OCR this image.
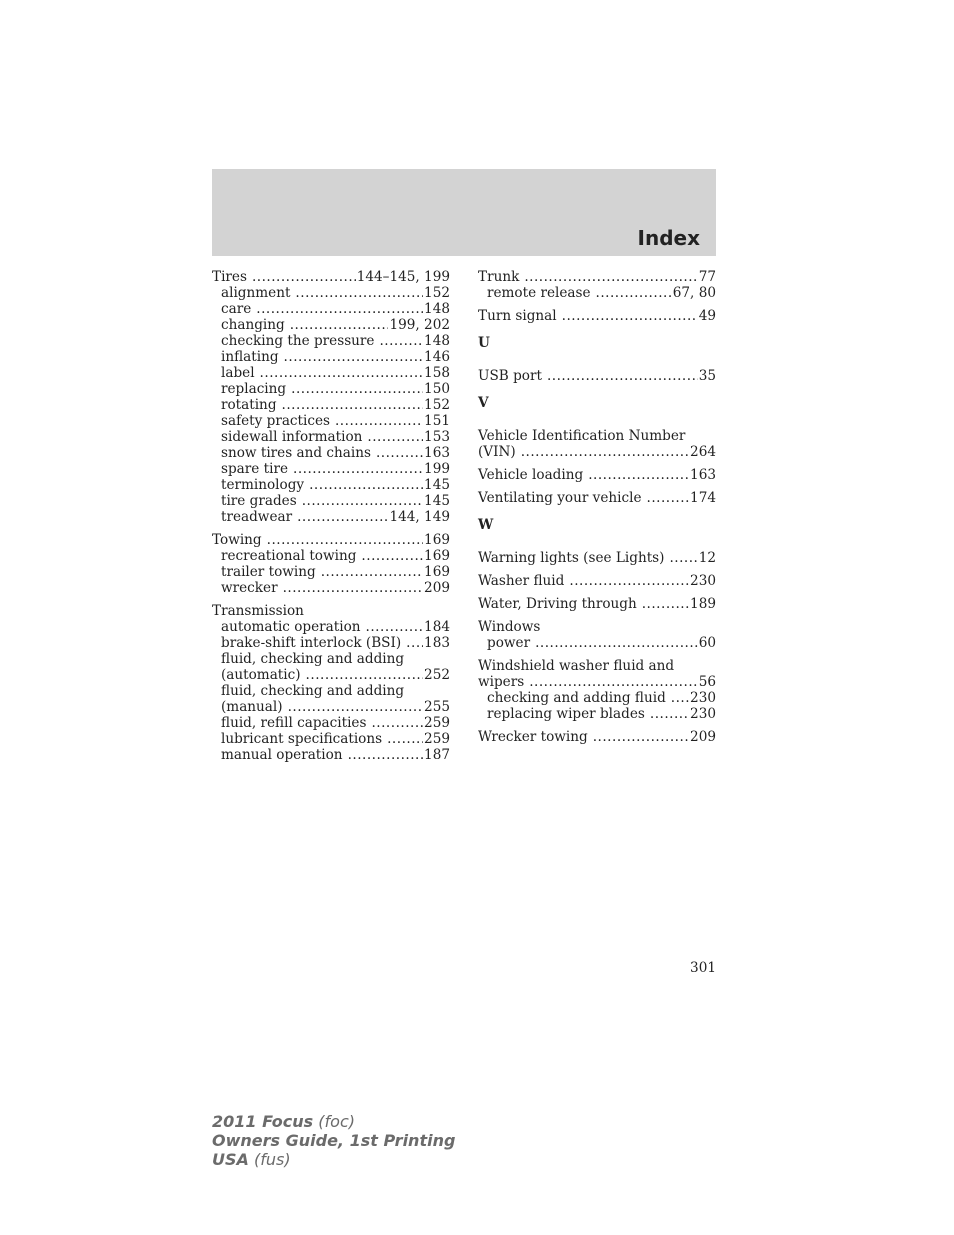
Index
Tires .....	144–145, 199
alignment .....	152
care .....	148
changing .....	199, 202
checking the pressure .....	148
inflating .....	146
label .....	158
replacing .....	150
rotating .....	152
safety practices .....	151
sidewall information .....	153
snow tires and chains .....	163
spare tire .....	199
terminology .....	145
tire grades .....	145
treadwear .....	144, 149
Towing .....	169
recreational towing .....	169
trailer towing .....	169
wrecker .....	209
Transmission
automatic operation .....	184
brake-shift interlock (BSI) ..... 183
fluid, checking and adding
(automatic) .....	252
fluid, checking and adding
(manual) .....	255
fluid, refill capacities .....	259
lubricant specifications .....	259
manual operation .....	187
Trunk .....	77
remote release .....	67, 80
Turn signal .....	49
U
USB port .....	35
V
Vehicle Identification Number
(VIN) .....	264
Vehicle loading .....	163
Ventilating your vehicle .....	174
W
Warning lights (see Lights) .....	12
Washer fluid .....	230
Water, Driving through .....	189
Windows
power .....	60
Windshield washer fluid and
wipers .....	56
checking and adding fluid ..... 230
replacing wiper blades .....	230
Wrecker towing .....	209
301
2011 Focus (foc)
Owners Guide, 1st Printing
USA (fus)
